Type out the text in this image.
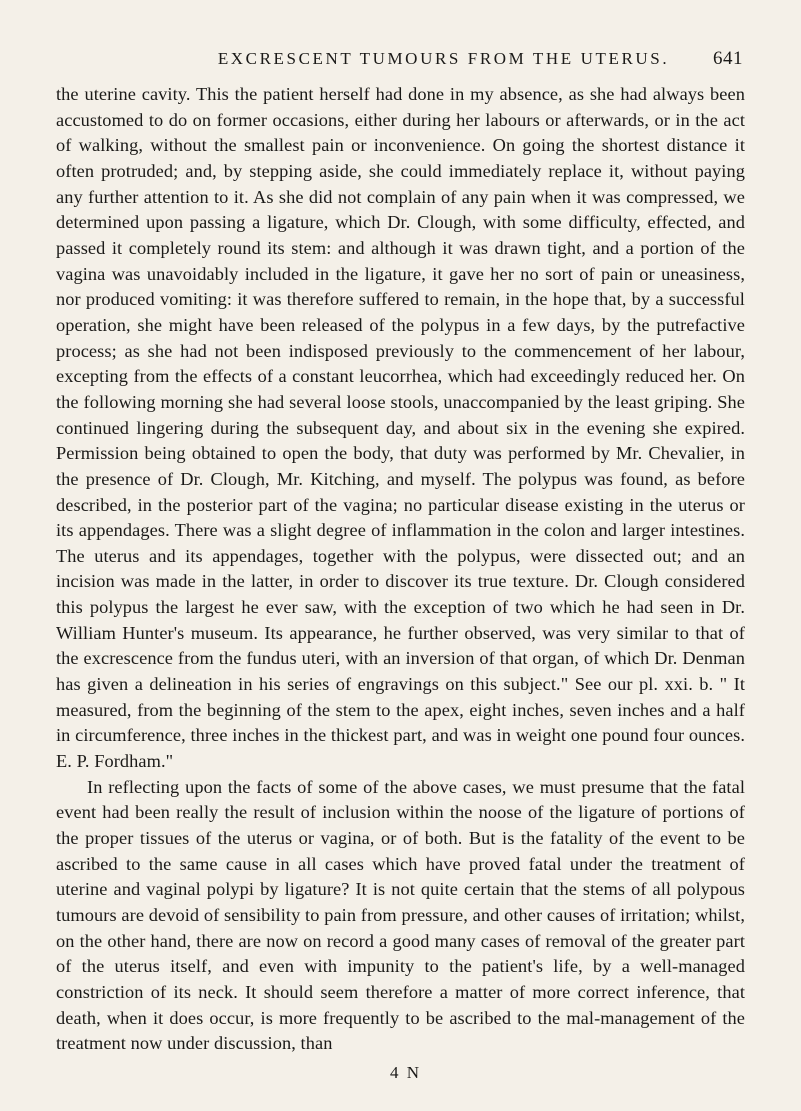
EXCRESCENT TUMOURS FROM THE UTERUS.	641

the uterine cavity. This the patient herself had done in my absence, as she had always been accustomed to do on former occasions, either during her labours or afterwards, or in the act of walking, without the smallest pain or inconvenience. On going the shortest distance it often protruded; and, by stepping aside, she could immediately replace it, without paying any further attention to it. As she did not complain of any pain when it was compressed, we determined upon passing a ligature, which Dr. Clough, with some difficulty, effected, and passed it completely round its stem: and although it was drawn tight, and a portion of the vagina was unavoidably included in the ligature, it gave her no sort of pain or uneasiness, nor produced vomiting: it was therefore suffered to remain, in the hope that, by a successful operation, she might have been released of the polypus in a few days, by the putrefactive process; as she had not been indisposed previously to the commencement of her labour, excepting from the effects of a constant leucorrhea, which had exceedingly reduced her. On the following morning she had several loose stools, unaccompanied by the least griping. She continued lingering during the subsequent day, and about six in the evening she expired. Permission being obtained to open the body, that duty was performed by Mr. Chevalier, in the presence of Dr. Clough, Mr. Kitching, and myself. The polypus was found, as before described, in the posterior part of the vagina; no particular disease existing in the uterus or its appendages. There was a slight degree of inflammation in the colon and larger intestines. The uterus and its appendages, together with the polypus, were dissected out; and an incision was made in the latter, in order to discover its true texture. Dr. Clough considered this polypus the largest he ever saw, with the exception of two which he had seen in Dr. William Hunter's museum. Its appearance, he further observed, was very similar to that of the excrescence from the fundus uteri, with an inversion of that organ, of which Dr. Denman has given a delineation in his series of engravings on this subject." See our pl. xxi. b. " It measured, from the beginning of the stem to the apex, eight inches, seven inches and a half in circumference, three inches in the thickest part, and was in weight one pound four ounces. E. P. Fordham."

In reflecting upon the facts of some of the above cases, we must presume that the fatal event had been really the result of inclusion within the noose of the ligature of portions of the proper tissues of the uterus or vagina, or of both. But is the fatality of the event to be ascribed to the same cause in all cases which have proved fatal under the treatment of uterine and vaginal polypi by ligature? It is not quite certain that the stems of all polypous tumours are devoid of sensibility to pain from pressure, and other causes of irritation; whilst, on the other hand, there are now on record a good many cases of removal of the greater part of the uterus itself, and even with impunity to the patient's life, by a well-managed constriction of its neck. It should seem therefore a matter of more correct inference, that death, when it does occur, is more frequently to be ascribed to the mal-management of the treatment now under discussion, than

4 N
